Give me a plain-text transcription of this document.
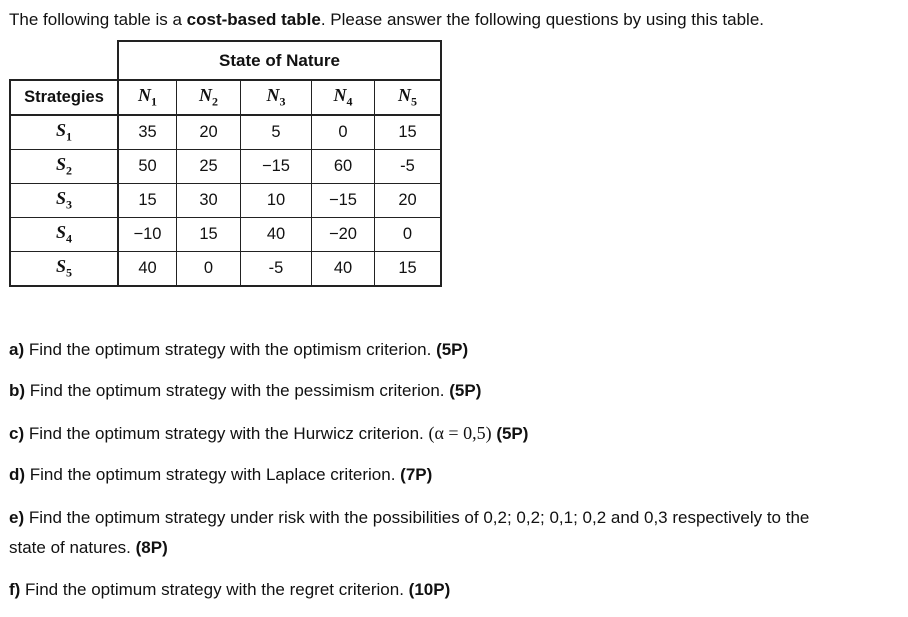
The following table is a cost-based table. Please answer the following questions by using this table.
	State of Nature				
Strategies	$N_1$	$N_2$	$N_3$	$N_4$	$N_5$
$S_1$	35	20	5	0	15
$S_2$	50	25	−15	60	-5
$S_3$	15	30	10	−15	20
$S_4$	−10	15	40	−20	0
$S_5$	40	0	-5	40	15
a) Find the optimum strategy with the optimism criterion. (5P)
b) Find the optimum strategy with the pessimism criterion. (5P)
c) Find the optimum strategy with the Hurwicz criterion. (α = 0,5) (5P)
d) Find the optimum strategy with Laplace criterion. (7P)
e) Find the optimum strategy under risk with the possibilities of 0,2; 0,2; 0,1; 0,2 and 0,3 respectively to the
state of natures. (8P)
f) Find the optimum strategy with the regret criterion. (10P)
